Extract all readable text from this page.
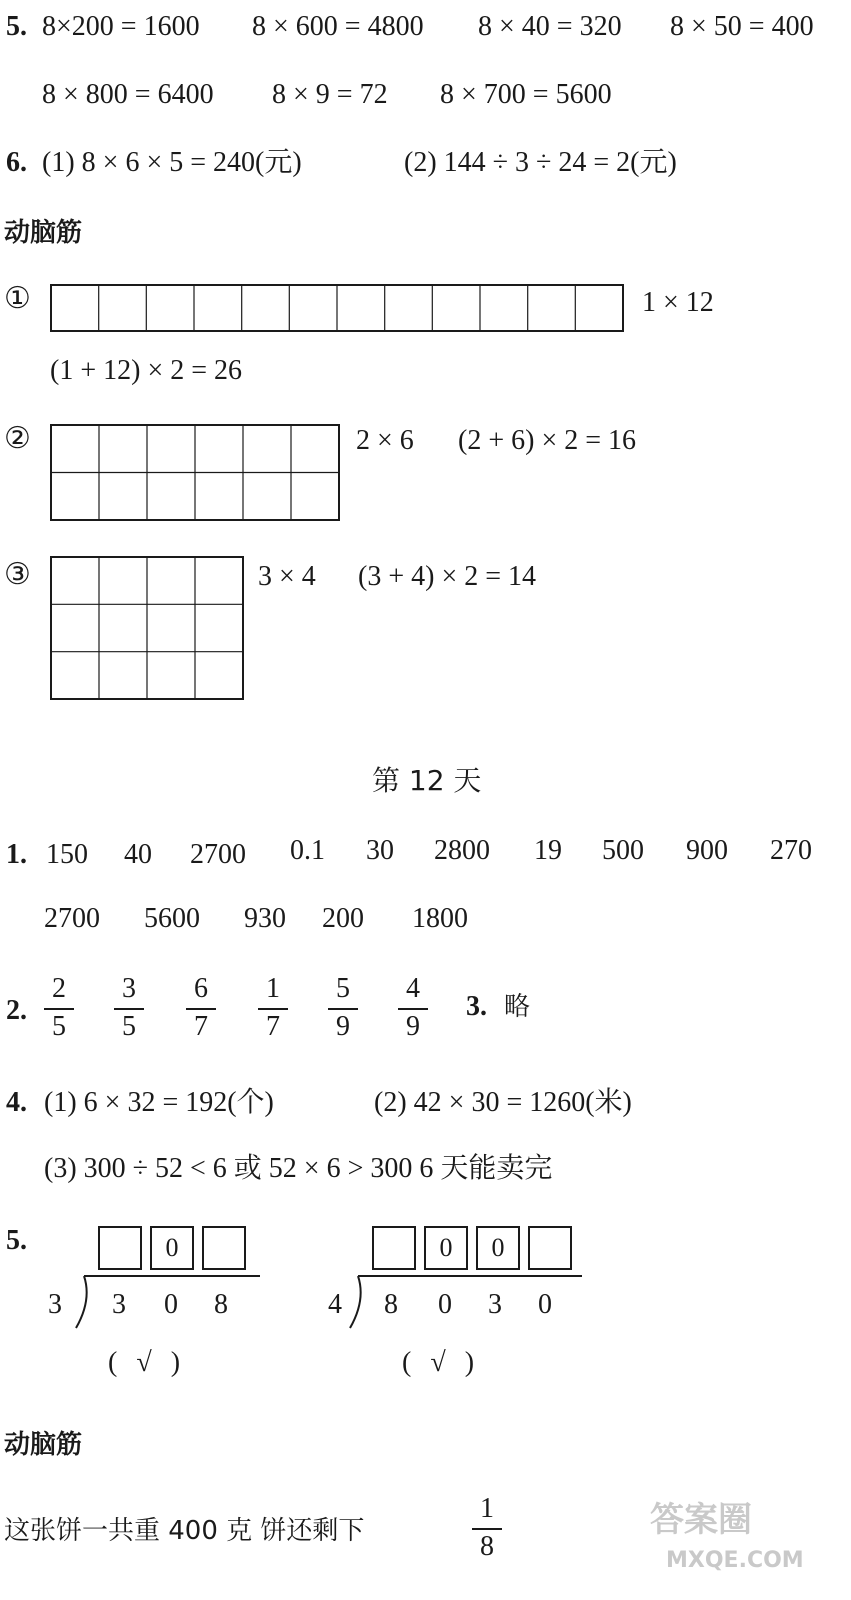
5. 8×200 = 1600 8 × 600 = 4800 8 × 40 = 320 8 × 50 = 400
8 × 800 = 6400 8 × 9 = 72 8 × 700 = 5600
6. (1) 8 × 6 × 5 = 240(元)	(2) 144 ÷ 3 ÷ 24 = 2(元)
动脑筋
①	1 × 12
(1 + 12) × 2 = 26
②	2 × 6 (2 + 6) × 2 = 16
③	3 × 4 (3 + 4) × 2 = 14
第 12 天
1. 150 40 2700 0.1 30 2800 19 500 900 270
2700 5600 930 200 1800
2.
2
5
3
5
6
7
1
7
5
9
4
9
3. 略
4. (1) 6 × 32 = 192(个)	(2) 42 × 30 = 1260(米)
(3) 300 ÷ 52 < 6 或 52 × 6 > 300 6 天能卖完
5.	0
3 3 0 8
( √ )
0	0
4 8 0 3 0
( √ )
动脑筋
这张饼一共重 400 克 饼还剩下
1
8
答案圈
MXQE.COM
